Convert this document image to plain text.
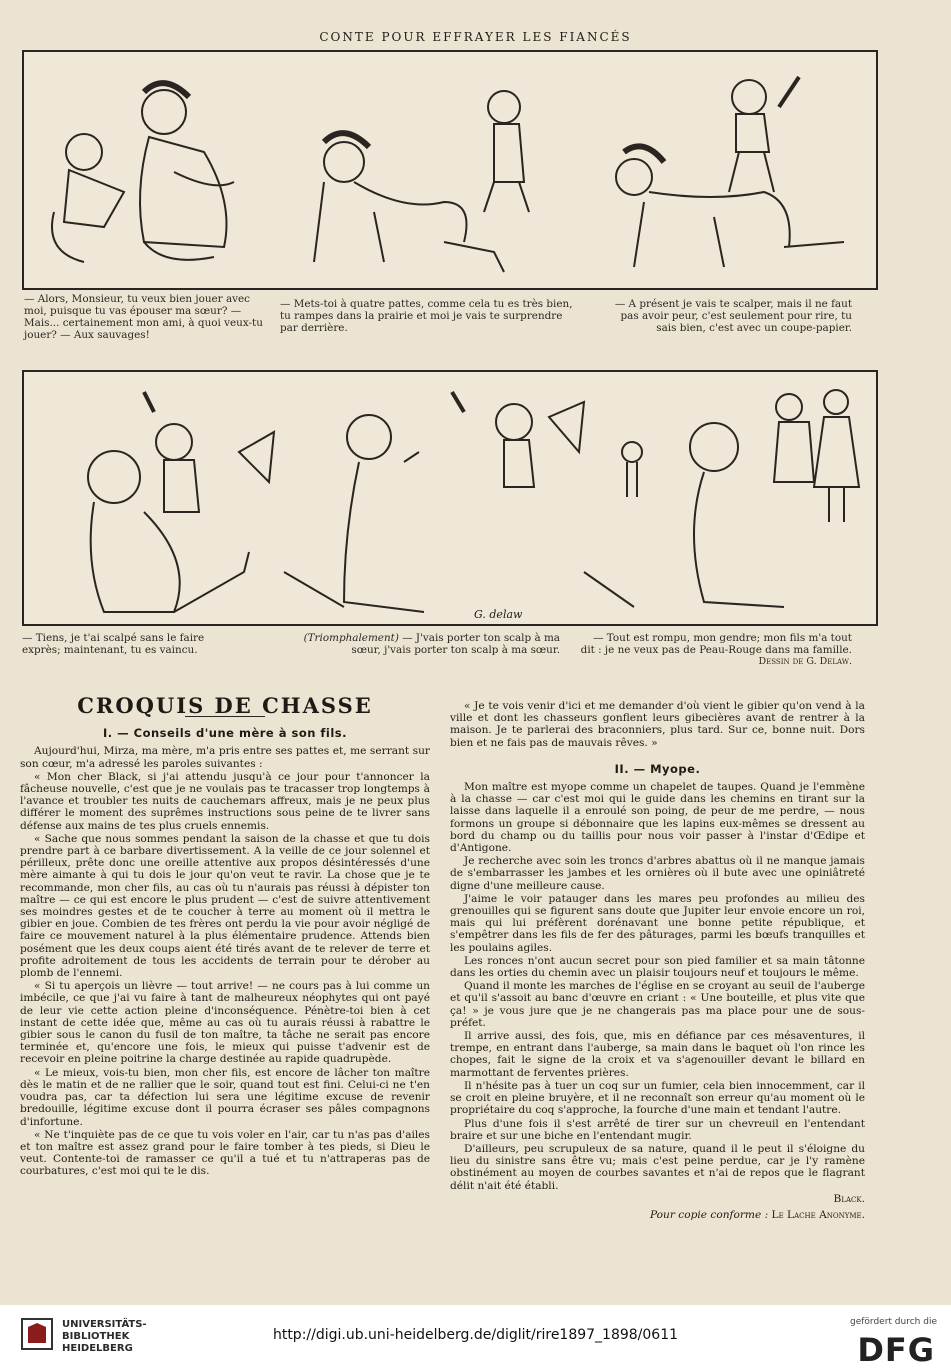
CONTE POUR EFFRAYER LES FIANCÉS
— Alors, Monsieur, tu veux bien jouer avec moi, puisque tu vas épouser ma sœur? — Mais... certainement mon ami, à quoi veux-tu jouer? — Aux sauvages!
— Mets-toi à quatre pattes, comme cela tu es très bien, tu rampes dans la prairie et moi je vais te surprendre par derrière.
— A présent je vais te scalper, mais il ne faut pas avoir peur, c'est seulement pour rire, tu sais bien, c'est avec un coupe-papier.
G. delaw
— Tiens, je t'ai scalpé sans le faire exprès; maintenant, tu es vaincu.
(Triomphalement) — J'vais porter ton scalp à ma sœur, j'vais porter ton scalp à ma sœur.
— Tout est rompu, mon gendre; mon fils m'a tout dit : je ne veux pas de Peau-Rouge dans ma famille.
Dessin de G. Delaw.
CROQUIS DE CHASSE
I. — Conseils d'une mère à son fils.

Aujourd'hui, Mirza, ma mère, m'a pris entre ses pattes et, me serrant sur son cœur, m'a adressé les paroles suivantes :

« Mon cher Black, si j'ai attendu jusqu'à ce jour pour t'annoncer la fâcheuse nouvelle, c'est que je ne voulais pas te tracasser trop longtemps à l'avance et troubler tes nuits de cauchemars affreux, mais je ne peux plus différer le moment des suprêmes instructions sous peine de te livrer sans défense aux mains de tes plus cruels ennemis.

« Sache que nous sommes pendant la saison de la chasse et que tu dois prendre part à ce barbare divertissement. A la veille de ce jour solennel et périlleux, prête donc une oreille attentive aux propos désintéressés d'une mère aimante à qui tu dois le jour qu'on veut te ravir. La chose que je te recommande, mon cher fils, au cas où tu n'aurais pas réussi à dépister ton maître — ce qui est encore le plus prudent — c'est de suivre attentivement ses moindres gestes et de te coucher à terre au moment où il mettra le gibier en joue. Combien de tes frères ont perdu la vie pour avoir négligé de faire ce mouvement naturel à la plus élémentaire prudence. Attends bien posément que les deux coups aient été tirés avant de te relever de terre et profite adroitement de tous les accidents de terrain pour te dérober au plomb de l'ennemi.

« Si tu aperçois un lièvre — tout arrive! — ne cours pas à lui comme un imbécile, ce que j'ai vu faire à tant de malheureux néophytes qui ont payé de leur vie cette action pleine d'inconséquence. Pénètre-toi bien à cet instant de cette idée que, même au cas où tu aurais réussi à rabattre le gibier sous le canon du fusil de ton maître, ta tâche ne serait pas encore terminée et, qu'encore une fois, le mieux qui puisse t'advenir est de recevoir en pleine poitrine la charge destinée au rapide quadrupède.

« Le mieux, vois-tu bien, mon cher fils, est encore de lâcher ton maître dès le matin et de ne rallier que le soir, quand tout est fini. Celui-ci ne t'en voudra pas, car ta défection lui sera une légitime excuse de revenir bredouille, légitime excuse dont il pourra écraser ses pâles compagnons d'infortune.

« Ne t'inquiète pas de ce que tu vois voler en l'air, car tu n'as pas d'ailes et ton maître est assez grand pour le faire tomber à tes pieds, si Dieu le veut. Contente-toi de ramasser ce qu'il a tué et tu n'attraperas pas de courbatures, c'est moi qui te le dis.

« Je te vois venir d'ici et me demander d'où vient le gibier qu'on vend à la ville et dont les chasseurs gonflent leurs gibecières avant de rentrer à la maison. Je te parlerai des braconniers, plus tard. Sur ce, bonne nuit. Dors bien et ne fais pas de mauvais rêves. »

II. — Myope.

Mon maître est myope comme un chapelet de taupes. Quand je l'emmène à la chasse — car c'est moi qui le guide dans les chemins en tirant sur la laisse dans laquelle il a enroulé son poing, de peur de me perdre, — nous formons un groupe si débonnaire que les lapins eux-mêmes se dressent au bord du champ ou du taillis pour nous voir passer à l'instar d'Œdipe et d'Antigone.

Je recherche avec soin les troncs d'arbres abattus où il ne manque jamais de s'embarrasser les jambes et les ornières où il bute avec une opiniâtreté digne d'une meilleure cause.

J'aime le voir patauger dans les mares peu profondes au milieu des grenouilles qui se figurent sans doute que Jupiter leur envoie encore un roi, mais qui lui préfèrent dorénavant une bonne petite république, et s'empêtrer dans les fils de fer des pâturages, parmi les bœufs tranquilles et les poulains agiles.

Les ronces n'ont aucun secret pour son pied familier et sa main tâtonne dans les orties du chemin avec un plaisir toujours neuf et toujours le même.

Quand il monte les marches de l'église en se croyant au seuil de l'auberge et qu'il s'assoit au banc d'œuvre en criant : « Une bouteille, et plus vite que ça! » je vous jure que je ne changerais pas ma place pour une de sous-préfet.

Il arrive aussi, des fois, que, mis en défiance par ces mésaventures, il trempe, en entrant dans l'auberge, sa main dans le baquet où l'on rince les chopes, fait le signe de la croix et va s'agenouiller devant le billard en marmottant de ferventes prières.

Il n'hésite pas à tuer un coq sur un fumier, cela bien innocemment, car il se croit en pleine bruyère, et il ne reconnaît son erreur qu'au moment où le propriétaire du coq s'approche, la fourche d'une main et tendant l'autre.

Plus d'une fois il s'est arrêté de tirer sur un chevreuil en l'entendant braire et sur une biche en l'entendant mugir.

D'ailleurs, peu scrupuleux de sa nature, quand il le peut il s'éloigne du lieu du sinistre sans être vu; mais c'est peine perdue, car je l'y ramène obstinément au moyen de courbes savantes et n'ai de repos que le flagrant délit n'ait été établi.

Black.
Pour copie conforme : Le Lache Anonyme.
UNIVERSITÄTS-
BIBLIOTHEK
HEIDELBERG
http://digi.ub.uni-heidelberg.de/diglit/rire1897_1898/0611
gefördert durch die
DFG
